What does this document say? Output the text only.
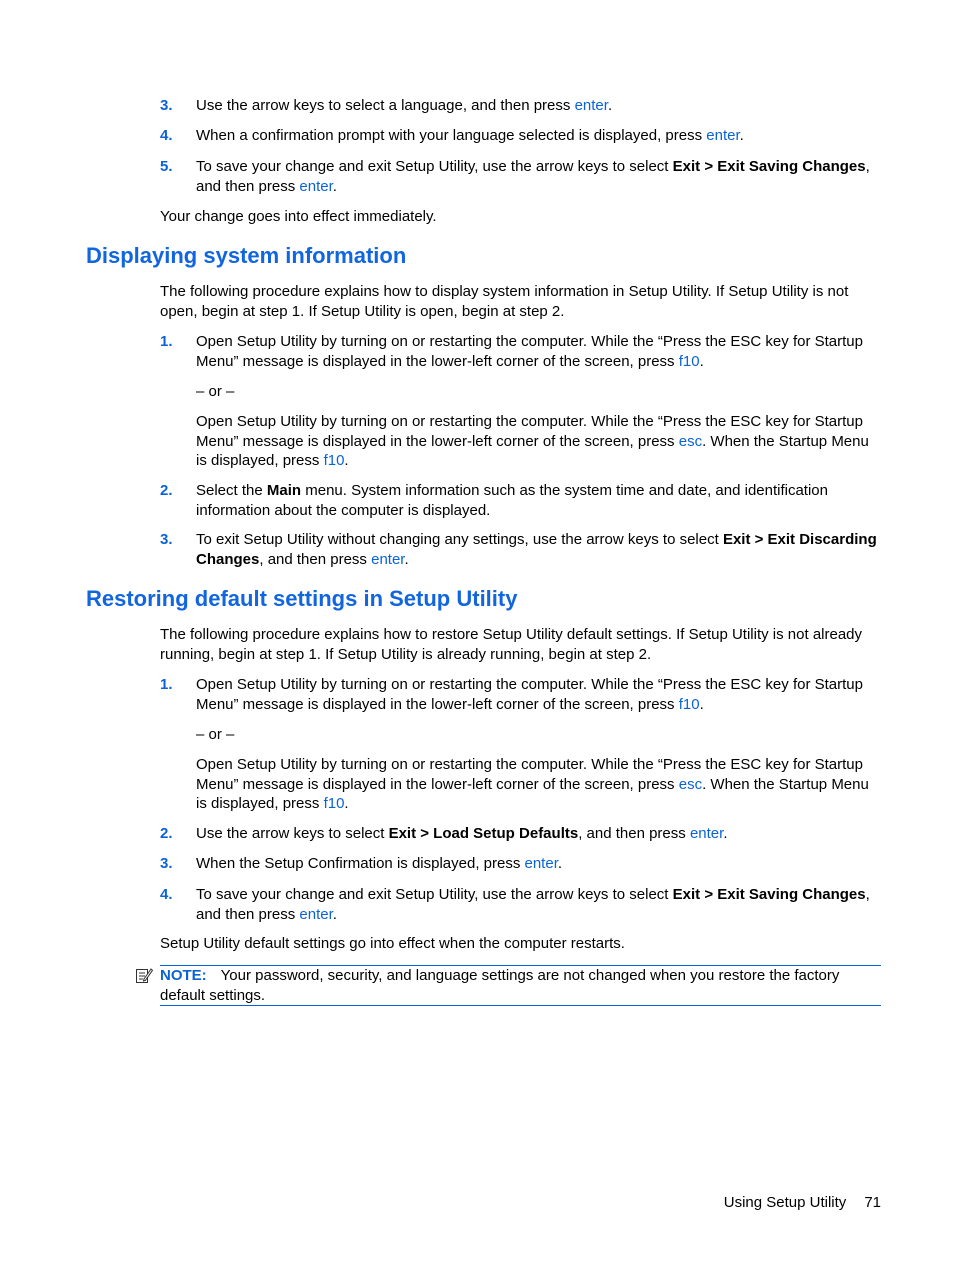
3. Use the arrow keys to select a language, and then press enter.
4. When a confirmation prompt with your language selected is displayed, press enter.
5. To save your change and exit Setup Utility, use the arrow keys to select Exit > Exit Saving Changes, and then press enter.
Your change goes into effect immediately.
Displaying system information
The following procedure explains how to display system information in Setup Utility. If Setup Utility is not open, begin at step 1. If Setup Utility is open, begin at step 2.
1. Open Setup Utility by turning on or restarting the computer. While the “Press the ESC key for Startup Menu” message is displayed in the lower-left corner of the screen, press f10.
– or –
Open Setup Utility by turning on or restarting the computer. While the “Press the ESC key for Startup Menu” message is displayed in the lower-left corner of the screen, press esc. When the Startup Menu is displayed, press f10.
2. Select the Main menu. System information such as the system time and date, and identification information about the computer is displayed.
3. To exit Setup Utility without changing any settings, use the arrow keys to select Exit > Exit Discarding Changes, and then press enter.
Restoring default settings in Setup Utility
The following procedure explains how to restore Setup Utility default settings. If Setup Utility is not already running, begin at step 1. If Setup Utility is already running, begin at step 2.
1. Open Setup Utility by turning on or restarting the computer. While the “Press the ESC key for Startup Menu” message is displayed in the lower-left corner of the screen, press f10.
– or –
Open Setup Utility by turning on or restarting the computer. While the “Press the ESC key for Startup Menu” message is displayed in the lower-left corner of the screen, press esc. When the Startup Menu is displayed, press f10.
2. Use the arrow keys to select Exit > Load Setup Defaults, and then press enter.
3. When the Setup Confirmation is displayed, press enter.
4. To save your change and exit Setup Utility, use the arrow keys to select Exit > Exit Saving Changes, and then press enter.
Setup Utility default settings go into effect when the computer restarts.
NOTE: Your password, security, and language settings are not changed when you restore the factory default settings.
Using Setup Utility 71
